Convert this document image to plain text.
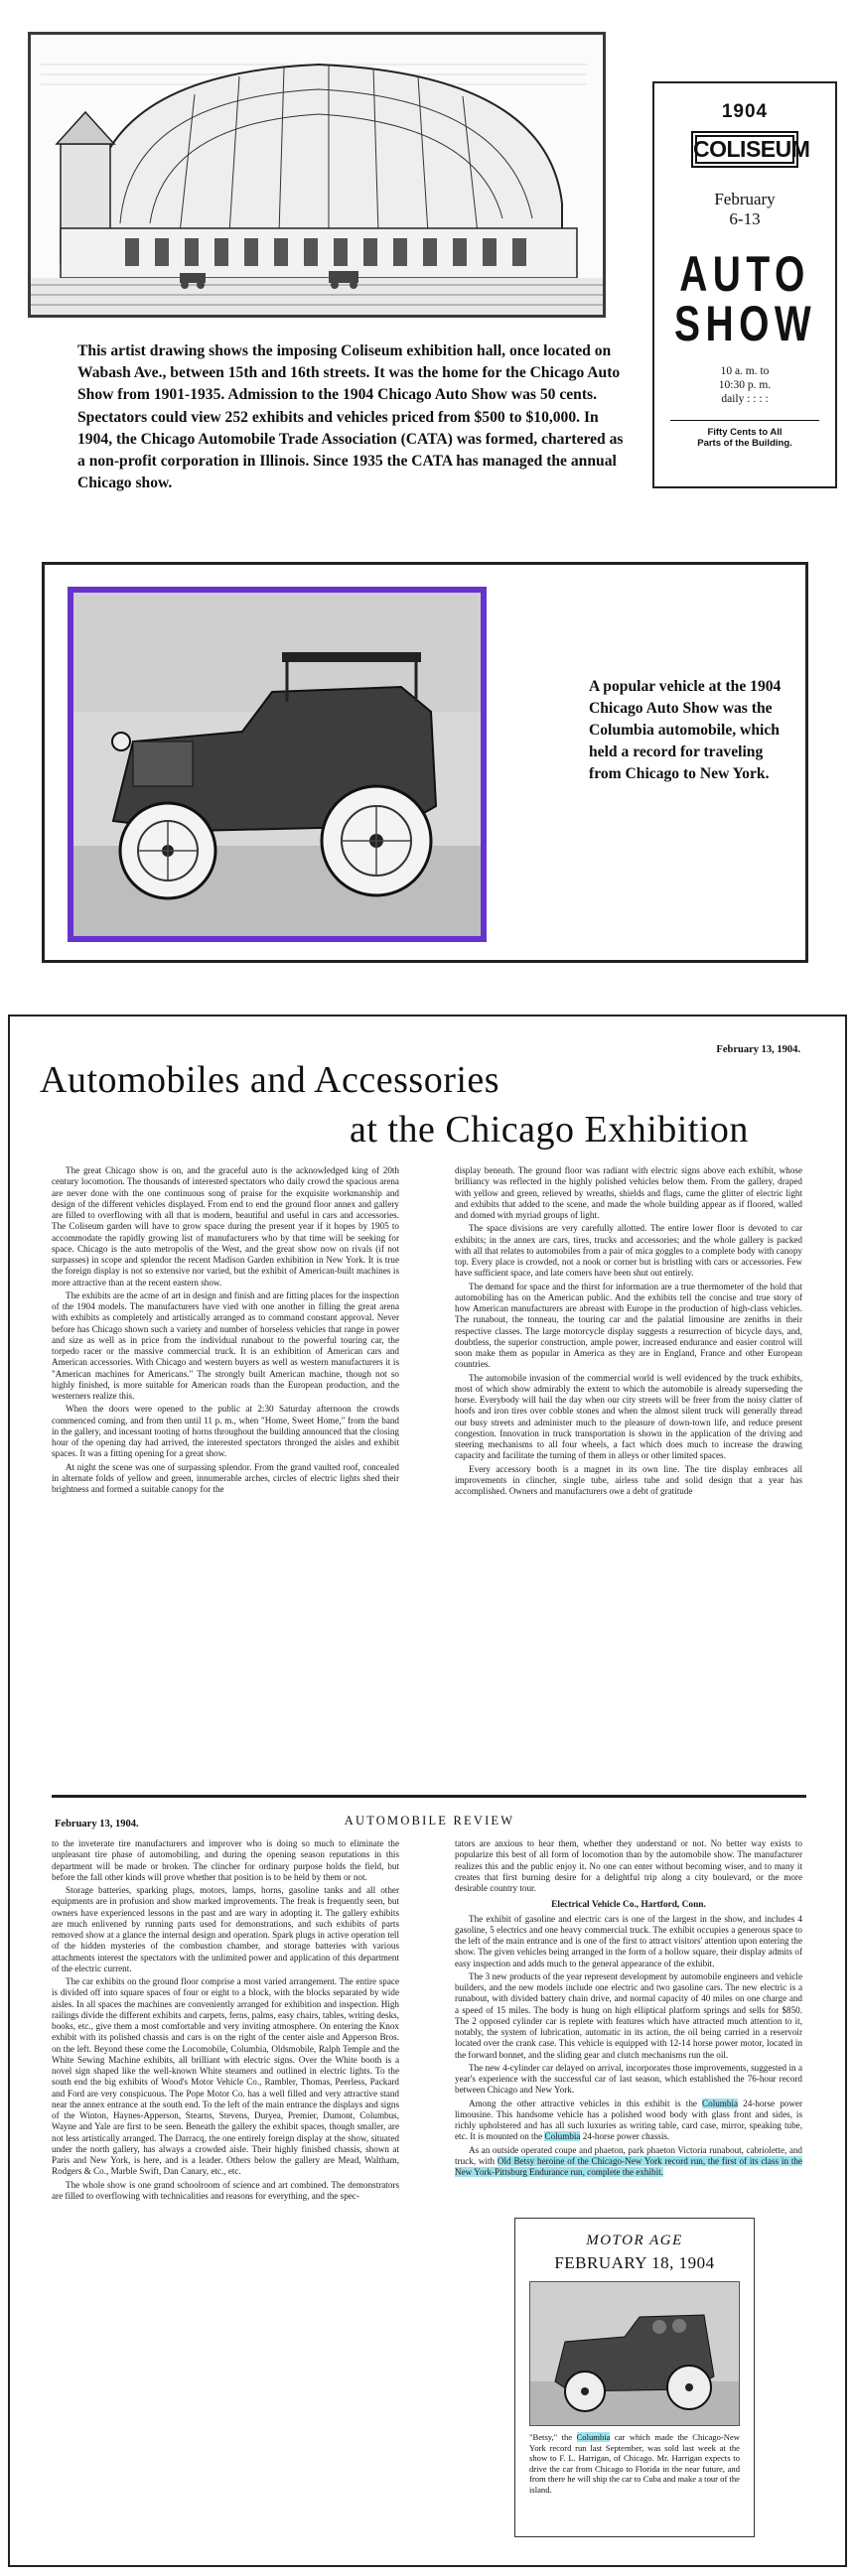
This artist drawing shows the imposing Coliseum exhibition hall, once located on Wabash Ave., between 15th and 16th streets. It was the home for the Chicago Auto Show from 1901-1935. Admission to the 1904 Chicago Auto Show was 50 cents. Spectators could view 252 exhibits and vehicles priced from $500 to $10,000. In 1904, the Chicago Automobile Trade Association (CATA) was formed, chartered as a non-profit corporation in Illinois. Since 1935 the CATA has managed the annual Chicago show.
1904
COLISEUM
February
6-13
AUTO
SHOW
10 a. m. to
10:30 p. m.
daily : : : :
Fifty Cents to All
Parts of the Building.
A popular vehicle at the 1904 Chicago Auto Show was the Columbia automobile, which held a record for traveling from Chicago to New York.
February 13, 1904.
Automobiles and Accessories
at the Chicago Exhibition

The great Chicago show is on, and the graceful auto is the acknowledged king of 20th century locomotion. The thousands of interested spectators who daily crowd the spacious arena are never done with the one continuous song of praise for the exquisite workmanship and design of the different vehicles displayed. From end to end the ground floor annex and gallery are filled to overflowing with all that is modern, beautiful and useful in cars and accessories. The Coliseum garden will have to grow space during the present year if it hopes by 1905 to accommodate the rapidly growing list of manufacturers who by that time will be seeking for space. Chicago is the auto metropolis of the West, and the great show now on rivals (if not surpasses) in scope and splendor the recent Madison Garden exhibition in New York. It is true the foreign display is not so extensive nor varied, but the exhibit of American-built machines is more attractive than at the recent eastern show.

The exhibits are the acme of art in design and finish and are fitting places for the inspection of the 1904 models. The manufacturers have vied with one another in filling the great arena with exhibits as completely and artistically arranged as to command constant approval. Never before has Chicago shown such a variety and number of horseless vehicles that range in power and size as well as in price from the individual runabout to the powerful touring car, the torpedo racer or the massive commercial truck. It is an exhibition of American cars and American accessories. With Chicago and western buyers as well as western manufacturers it is "American machines for Americans." The strongly built American machine, though not so highly finished, is more suitable for American roads than the European production, and the westerners realize this.

When the doors were opened to the public at 2:30 Saturday afternoon the crowds commenced coming, and from then until 11 p. m., when "Home, Sweet Home," from the band in the gallery, and incessant tooting of horns throughout the building announced that the closing hour of the opening day had arrived, the interested spectators thronged the aisles and exhibit spaces. It was a fitting opening for a great show.

At night the scene was one of surpassing splendor. From the grand vaulted roof, concealed in alternate folds of yellow and green, innumerable arches, circles of electric lights shed their brightness and formed a suitable canopy for the

display beneath. The ground floor was radiant with electric signs above each exhibit, whose brilliancy was reflected in the highly polished vehicles below them. From the gallery, draped with yellow and green, relieved by wreaths, shields and flags, came the glitter of electric light and exhibits that added to the scene, and made the whole building appear as if floored, walled and domed with myriad groups of light.

The space divisions are very carefully allotted. The entire lower floor is devoted to car exhibits; in the annex are cars, tires, trucks and accessories; and the whole gallery is packed with all that relates to automobiles from a pair of mica goggles to a complete body with canopy top. Every place is crowded, not a nook or corner but is bristling with cars or accessories. Few have sufficient space, and late comers have been shut out entirely.

The demand for space and the thirst for information are a true thermometer of the hold that automobiling has on the American public. And the exhibits tell the concise and true story of how American manufacturers are abreast with Europe in the production of high-class vehicles. The runabout, the tonneau, the touring car and the palatial limousine are zeniths in their respective classes. The large motorcycle display suggests a resurrection of bicycle days, and, doubtless, the superior construction, ample power, increased endurance and easier control will soon make them as popular in America as they are in England, France and other European countries.

The automobile invasion of the commercial world is well evidenced by the truck exhibits, most of which show admirably the extent to which the automobile is already superseding the horse. Everybody will hail the day when our city streets will be freer from the noisy clatter of hoofs and iron tires over cobble stones and when the almost silent truck will generally thread our busy streets and administer much to the pleasure of down-town life, and reduce present congestion. Innovation in truck transportation is shown in the application of the driving and steering mechanisms to all four wheels, a fact which does much to increase the drawing capacity and facilitate the turning of them in alleys or other limited spaces.

Every accessory booth is a magnet in its own line. The tire display embraces all improvements in clincher, single tube, airless tube and solid design that a year has accomplished. Owners and manufacturers owe a debt of gratitude

February 13, 1904.	AUTOMOBILE REVIEW

to the inveterate tire manufacturers and improver who is doing so much to eliminate the unpleasant tire phase of automobiling, and during the opening season reputations in this department will be made or broken. The clincher for ordinary purpose holds the field, but before the fall other kinds will prove whether that position is to be held by them or not.

Storage batteries, sparking plugs, motors, lamps, horns, gasoline tanks and all other equipments are in profusion and show marked improvements. The freak is frequently seen, but owners have experienced lessons in the past and are wary in adopting it. The gallery exhibits are much enlivened by running parts used for demonstrations, and such exhibits of parts removed show at a glance the internal design and operation. Spark plugs in active operation tell of the hidden mysteries of the combustion chamber, and storage batteries with various attachments interest the spectators with the unlimited power and application of this department of the electric current.

The car exhibits on the ground floor comprise a most varied arrangement. The entire space is divided off into square spaces of four or eight to a block, with the blocks separated by wide aisles. In all spaces the machines are conveniently arranged for exhibition and inspection. High railings divide the different exhibits and carpets, ferns, palms, easy chairs, tables, writing desks, books, etc., give them a most comfortable and very inviting atmosphere. On entering the Knox exhibit with its polished chassis and cars is on the right of the center aisle and Apperson Bros. on the left. Beyond these come the Locomobile, Columbia, Oldsmobile, Ralph Temple and the White Sewing Machine exhibits, all brilliant with electric signs. Over the White booth is a novel sign shaped like the well-known White steamers and outlined in electric lights. To the south end the big exhibits of Wood's Motor Vehicle Co., Rambler, Thomas, Peerless, Packard and Ford are very conspicuous. The Pope Motor Co. has a well filled and very attractive stand near the annex entrance at the south end. To the left of the main entrance the displays and signs of the Winton, Haynes-Apperson, Stearns, Stevens, Duryea, Premier, Dumont, Columbus, Wayne and Yale are first to be seen. Beneath the gallery the exhibit spaces, though smaller, are not less artistically arranged. The Darracq, the one entirely foreign display at the show, situated under the north gallery, has always a crowded aisle. Their highly finished chassis, shown at Paris and New York, is here, and is a leader. Others below the gallery are Mead, Waltham, Rodgers & Co., Marble Swift, Dan Canary, etc., etc.

The whole show is one grand schoolroom of science and art combined. The demonstrators are filled to overflowing with technicalities and reasons for everything, and the spec-

tators are anxious to hear them, whether they understand or not. No better way exists to popularize this best of all form of locomotion than by the automobile show. The manufacturer realizes this and the public enjoy it. No one can enter without becoming wiser, and to many it creates that first burning desire for a delightful trip along a city boulevard, or the more desirable country tour.

Electrical Vehicle Co., Hartford, Conn.

The exhibit of gasoline and electric cars is one of the largest in the show, and includes 4 gasoline, 5 electrics and one heavy commercial truck. The exhibit occupies a generous space to the left of the main entrance and is one of the first to attract visitors' attention upon entering the show. The given vehicles being arranged in the form of a hollow square, their display admits of easy inspection and adds much to the general appearance of the exhibit.

The 3 new products of the year represent development by automobile engineers and vehicle builders, and the new models include one electric and two gasoline cars. The new electric is a runabout, with divided battery chain drive, and normal capacity of 40 miles on one charge and a speed of 15 miles. The body is hung on high elliptical platform springs and sells for $850. The 2 opposed cylinder car is replete with features which have attracted much attention to it, notably, the system of lubrication, automatic in its action, the oil being carried in a reservoir located over the crank case. This vehicle is equipped with 12-14 horse power motor, located in the forward bonnet, and the sliding gear and clutch mechanisms run the oil.

The new 4-cylinder car delayed on arrival, incorporates those improvements, suggested in a year's experience with the successful car of last season, which established the 76-hour record between Chicago and New York.

Among the other attractive vehicles in this exhibit is the Columbia 24-horse power limousine. This handsome vehicle has a polished wood body with glass front and sides, is richly upholstered and has all such luxuries as writing table, card case, mirror, speaking tube, etc. It is mounted on the Columbia 24-horse power chassis.

As an outside operated coupe and phaeton, park phaeton Victoria runabout, cabriolette, and truck, with Old Betsy heroine of the Chicago-New York record run, the first of its class in the New York-Pittsburg Endurance run, complete the exhibit.

MOTOR AGE
FEBRUARY 18, 1904
"Betsy," the Columbia car which made the Chicago-New York record run last September, was sold last week at the show to F. L. Harrigan, of Chicago. Mr. Harrigan expects to drive the car from Chicago to Florida in the near future, and from there he will ship the car to Cuba and make a tour of the island.
